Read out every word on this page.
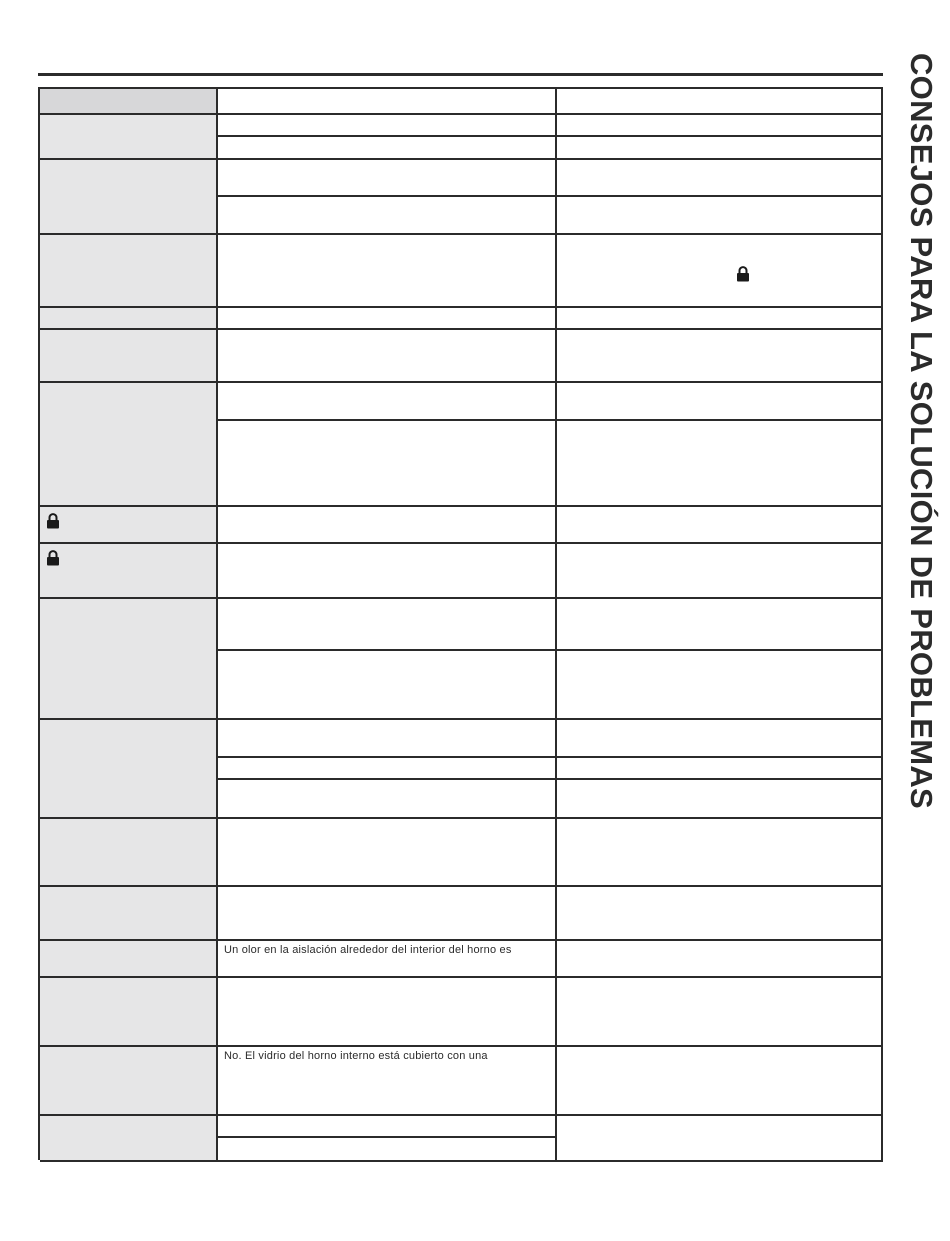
CONSEJOS PARA LA SOLUCIÓN DE PROBLEMAS
Un olor en la aislación alrededor del interior del horno es
No. El vidrio del horno interno está cubierto con una
